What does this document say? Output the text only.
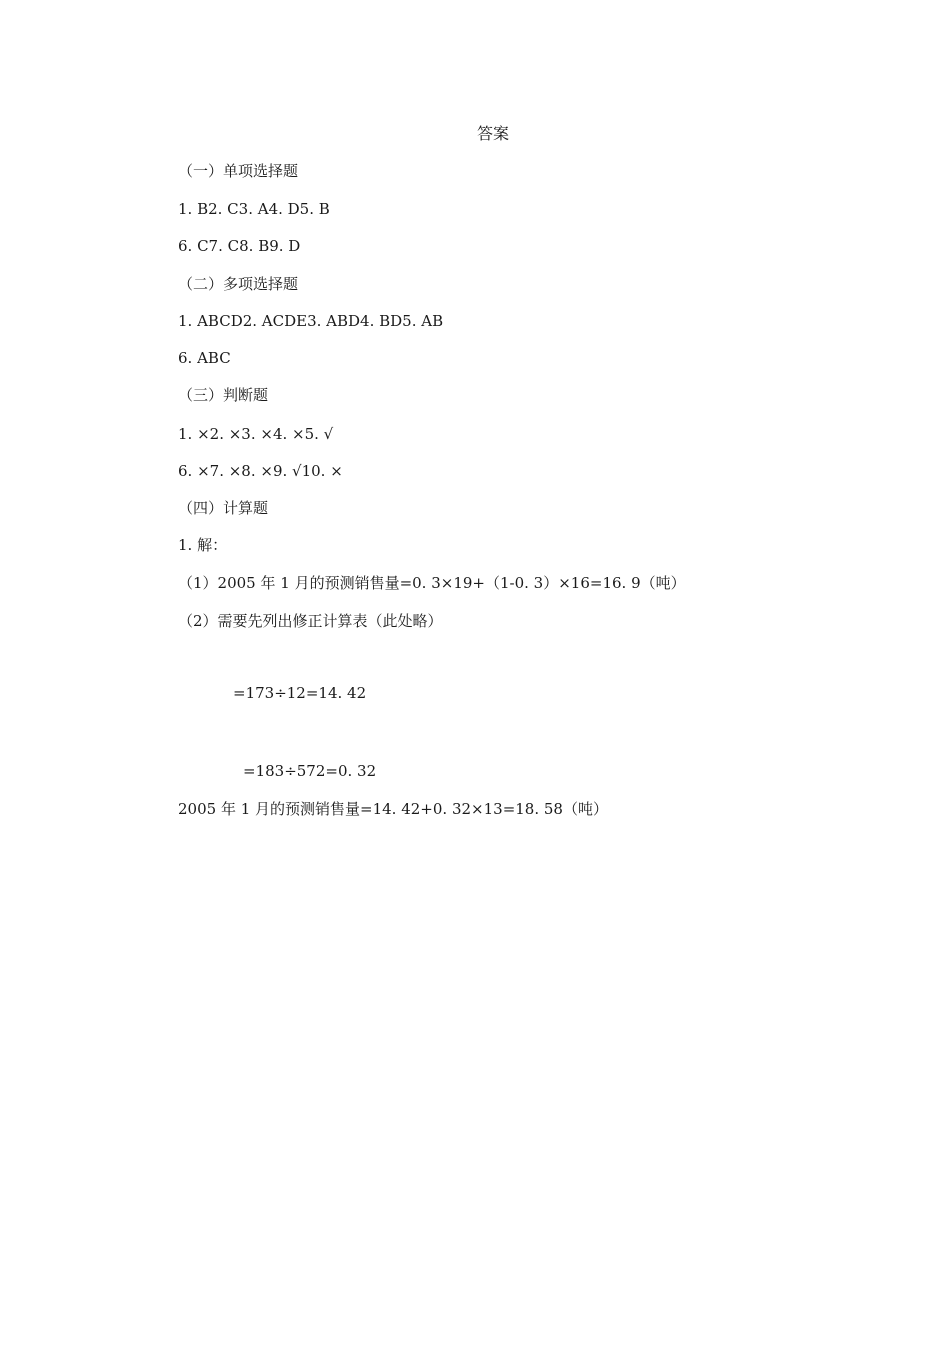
答案
（一）单项选择题
1. B2. C3. A4. D5. B
6. C7. C8. B9. D
（二）多项选择题
1. ABCD2. ACDE3. ABD4. BD5. AB
6. ABC
（三）判断题
1. ×2. ×3. ×4. ×5. √
6. ×7. ×8. ×9. √10. ×
（四）计算题
1. 解：
（1）2005 年 1 月的预测销售量=0. 3×19+（1-0. 3）×16=16. 9（吨）
（2）需要先列出修正计算表（此处略）
=173÷12=14. 42
=183÷572=0. 32
2005 年 1 月的预测销售量=14. 42+0. 32×13=18. 58（吨）
